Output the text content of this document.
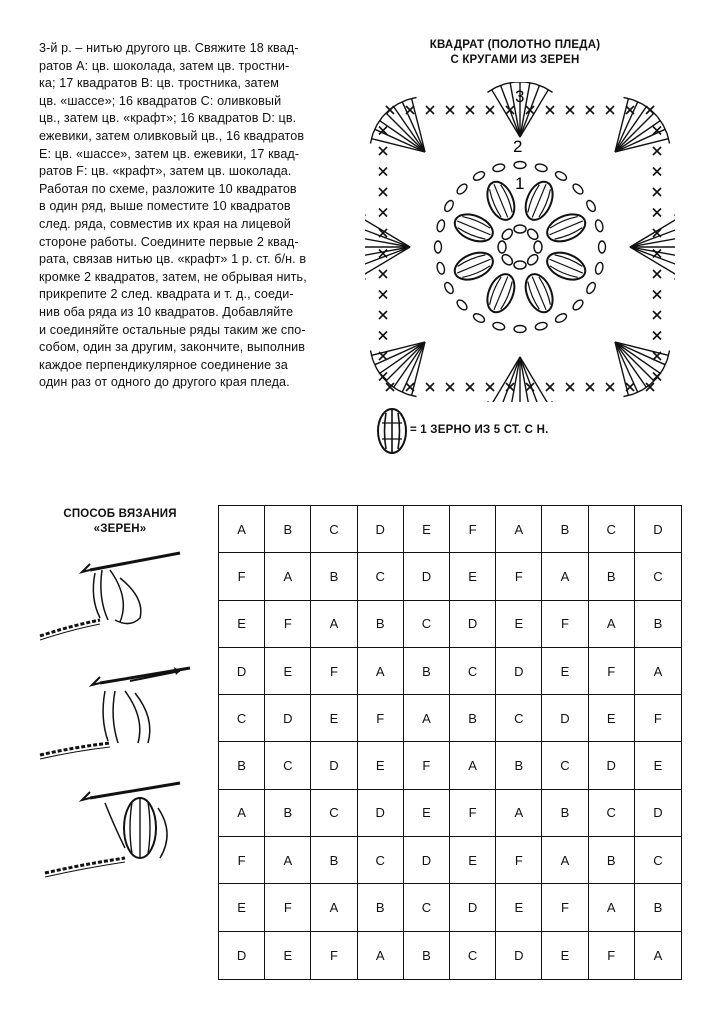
3-й р. – нитью другого цв. Свяжите 18 квад-

ратов А: цв. шоколада, затем цв. тростни-

ка; 17 квадратов В: цв. тростника, затем

цв. «шассе»; 16 квадратов С: оливковый

цв., затем цв. «крафт»; 16 квадратов D: цв.

ежевики, затем оливковый цв., 16 квадратов

Е: цв. «шассе», затем цв. ежевики, 17 квад-

ратов F: цв. «крафт», затем цв. шоколада.

Работая по схеме, разложите 10 квадратов

в один ряд, выше поместите 10 квадратов

след. ряда, совместив их края на лицевой

стороне работы. Соедините первые 2 квад-

рата, связав нитью цв. «крафт» 1 р. ст. б/н. в

кромке 2 квадратов, затем, не обрывая нить,

прикрепите 2 след. квадрата и т. д., соеди-

нив оба ряда из 10 квадратов. Добавляйте

и соединяйте остальные ряды таким же спо-

собом, один за другим, закончите, выполнив

каждое перпендикулярное соединение за

один раз от одного до другого края пледа.

КВАДРАТ (ПОЛОТНО ПЛЕДА)
С КРУГАМИ ИЗ ЗЕРЕН
3
2
1
= 1 ЗЕРНО ИЗ 5 СТ. С Н.
СПОСОБ ВЯЗАНИЯ
«ЗЕРЕН»	A	B	C	D	E	F	A	B	C	D
F	A	B	C	D	E	F	A	B	C
E	F	A	B	C	D	E	F	A	B
D	E	F	A	B	C	D	E	F	A
C	D	E	F	A	B	C	D	E	F
B	C	D	E	F	A	B	C	D	E
A	B	C	D	E	F	A	B	C	D
F	A	B	C	D	E	F	A	B	C
E	F	A	B	C	D	E	F	A	B
D	E	F	A	B	C	D	E	F	A
